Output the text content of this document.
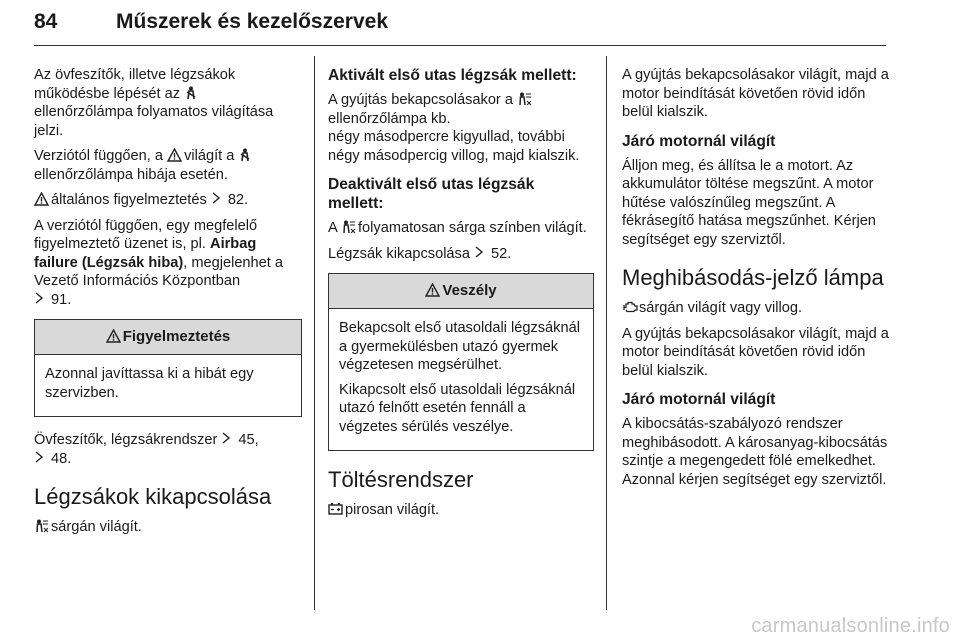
84	Műszerek és kezelőszervek

Az övfeszítők, illetve légzsákok működésbe lépését az
ellenőrzőlámpa folyamatos világítása jelzi.

Verziótól függően, a világít a
ellenőrzőlámpa hibája esetén.

általános figyelmeztetés 82.

A verziótól függően, egy megfelelő figyelmeztető üzenet is, pl. Airbag failure (Légzsák hiba), megjelenhet a Vezető Információs Központban

91.

Figyelmeztetés

Azonnal javíttassa ki a hibát egy szervizben.

Övfeszítők, légzsákrendszer 45,

48.

Légzsákok kikapcsolása

sárgán világít.

Aktivált első utas légzsák mellett:

A gyújtás bekapcsolásakor a

ellenőrzőlámpa kb.
négy másodpercre kigyullad, további négy másodpercig villog, majd kialszik.

Deaktivált első utas légzsák mellett:

A folyamatosan sárga színben világít.

Légzsák kikapcsolása 52.

Veszély

Bekapcsolt első utasoldali légzsáknál a gyermekülésben utazó gyermek végzetesen megsérülhet.

Kikapcsolt első utasoldali légzsáknál utazó felnőtt esetén fennáll a végzetes sérülés veszélye.

Töltésrendszer

pirosan világít.

A gyújtás bekapcsolásakor világít, majd a motor beindítását követően rövid időn belül kialszik.

Járó motornál világít

Álljon meg, és állítsa le a motort. Az akkumulátor töltése megszűnt. A motor hűtése valószínűleg megszűnt. A fékrásegítő hatása megszűnhet. Kérjen segítséget egy szerviztől.

Meghibásodás-jelző lámpa

sárgán világít vagy villog.

A gyújtás bekapcsolásakor világít, majd a motor beindítását követően rövid időn belül kialszik.

Járó motornál világít

A kibocsátás-szabályozó rendszer meghibásodott. A károsanyag-kibocsátás szintje a megengedett fölé emelkedhet. Azonnal kérjen segítséget egy szerviztől.

carmanualsonline.info
